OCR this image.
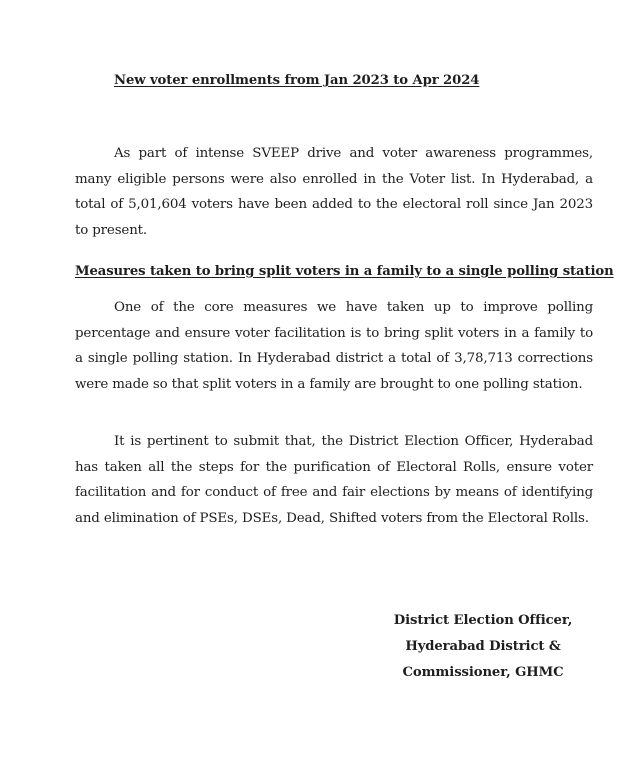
New voter enrollments from Jan 2023 to Apr 2024

As part of intense SVEEP drive and voter awareness programmes, many eligible persons were also enrolled in the Voter list. In Hyderabad, a total of 5,01,604 voters have been added to the electoral roll since Jan 2023 to present.

Measures taken to bring split voters in a family to a single polling station

One of the core measures we have taken up to improve polling percentage and ensure voter facilitation is to bring split voters in a family to a single polling station. In Hyderabad district a total of 3,78,713 corrections were made so that split voters in a family are brought to one polling station.

It is pertinent to submit that, the District Election Officer, Hyderabad has taken all the steps for the purification of Electoral Rolls, ensure voter facilitation and for conduct of free and fair elections by means of identifying and elimination of PSEs, DSEs, Dead, Shifted voters from the Electoral Rolls.

District Election Officer,
Hyderabad District &
Commissioner, GHMC
